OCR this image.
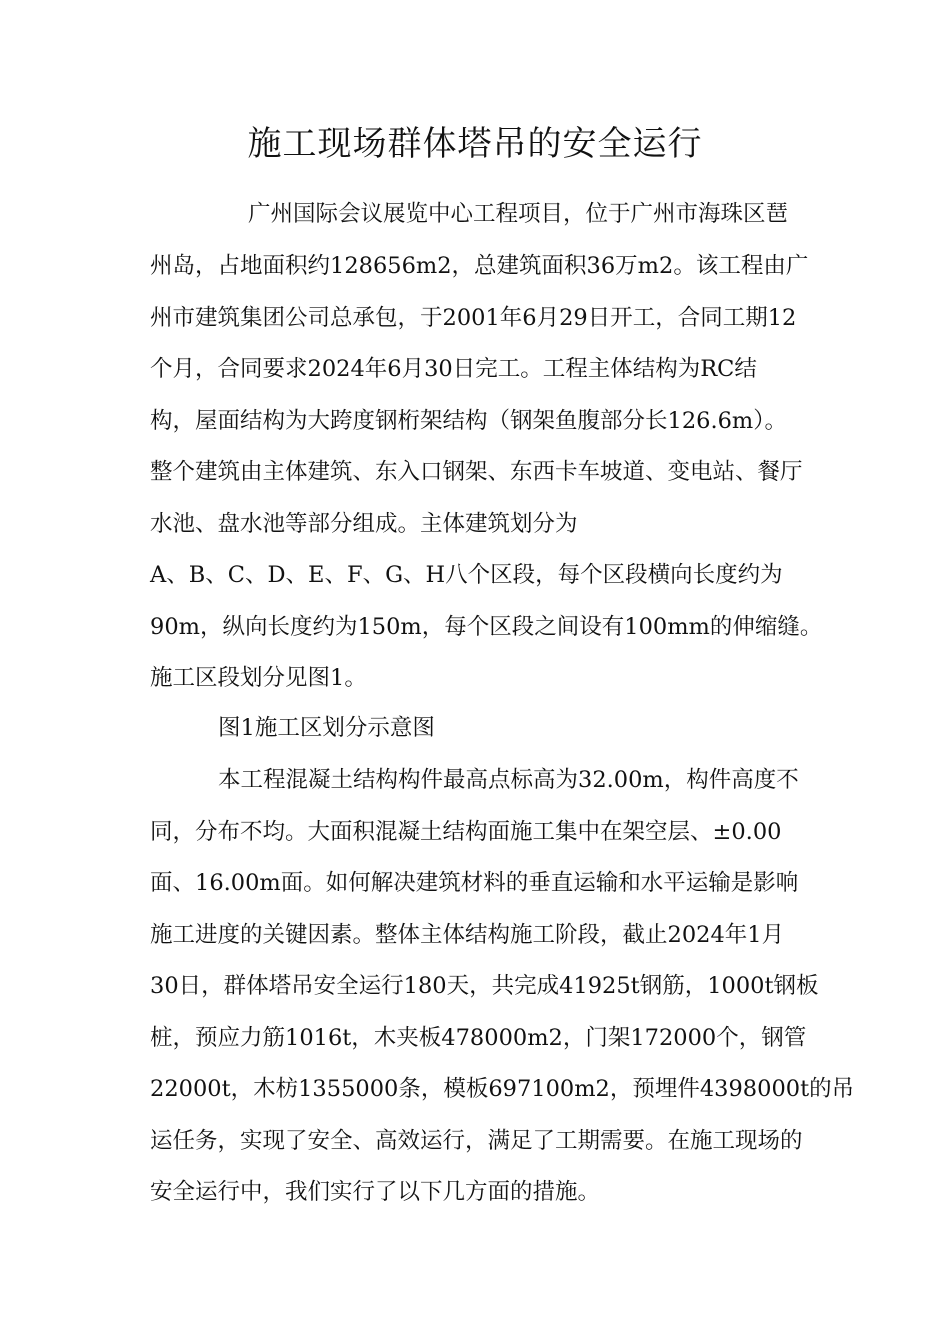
施工现场群体塔吊的安全运行

广州国际会议展览中心工程项目，位于广州市海珠区琶

州岛，占地面积约128656m2，总建筑面积36万m2。该工程由广

州市建筑集团公司总承包，于2001年6月29日开工，合同工期12

个月，合同要求2024年6月30日完工。工程主体结构为RC结

构，屋面结构为大跨度钢桁架结构（钢架鱼腹部分长126.6m）。

整个建筑由主体建筑、东入口钢架、东西卡车坡道、变电站、餐厅

水池、盘水池等部分组成。主体建筑划分为

A、B、C、D、E、F、G、H八个区段，每个区段横向长度约为

90m，纵向长度约为150m，每个区段之间设有100mm的伸缩缝。

施工区段划分见图1。

图1施工区划分示意图

本工程混凝土结构构件最高点标高为32.00m，构件高度不

同，分布不均。大面积混凝土结构面施工集中在架空层、±0.00

面、16.00m面。如何解决建筑材料的垂直运输和水平运输是影响

施工进度的关键因素。整体主体结构施工阶段，截止2024年1月

30日，群体塔吊安全运行180天，共完成41925t钢筋，1000t钢板

桩，预应力筋1016t，木夹板478000m2，门架172000个，钢管

22000t，木枋1355000条，模板697100m2，预埋件4398000t的吊

运任务，实现了安全、高效运行，满足了工期需要。在施工现场的

安全运行中，我们实行了以下几方面的措施。
